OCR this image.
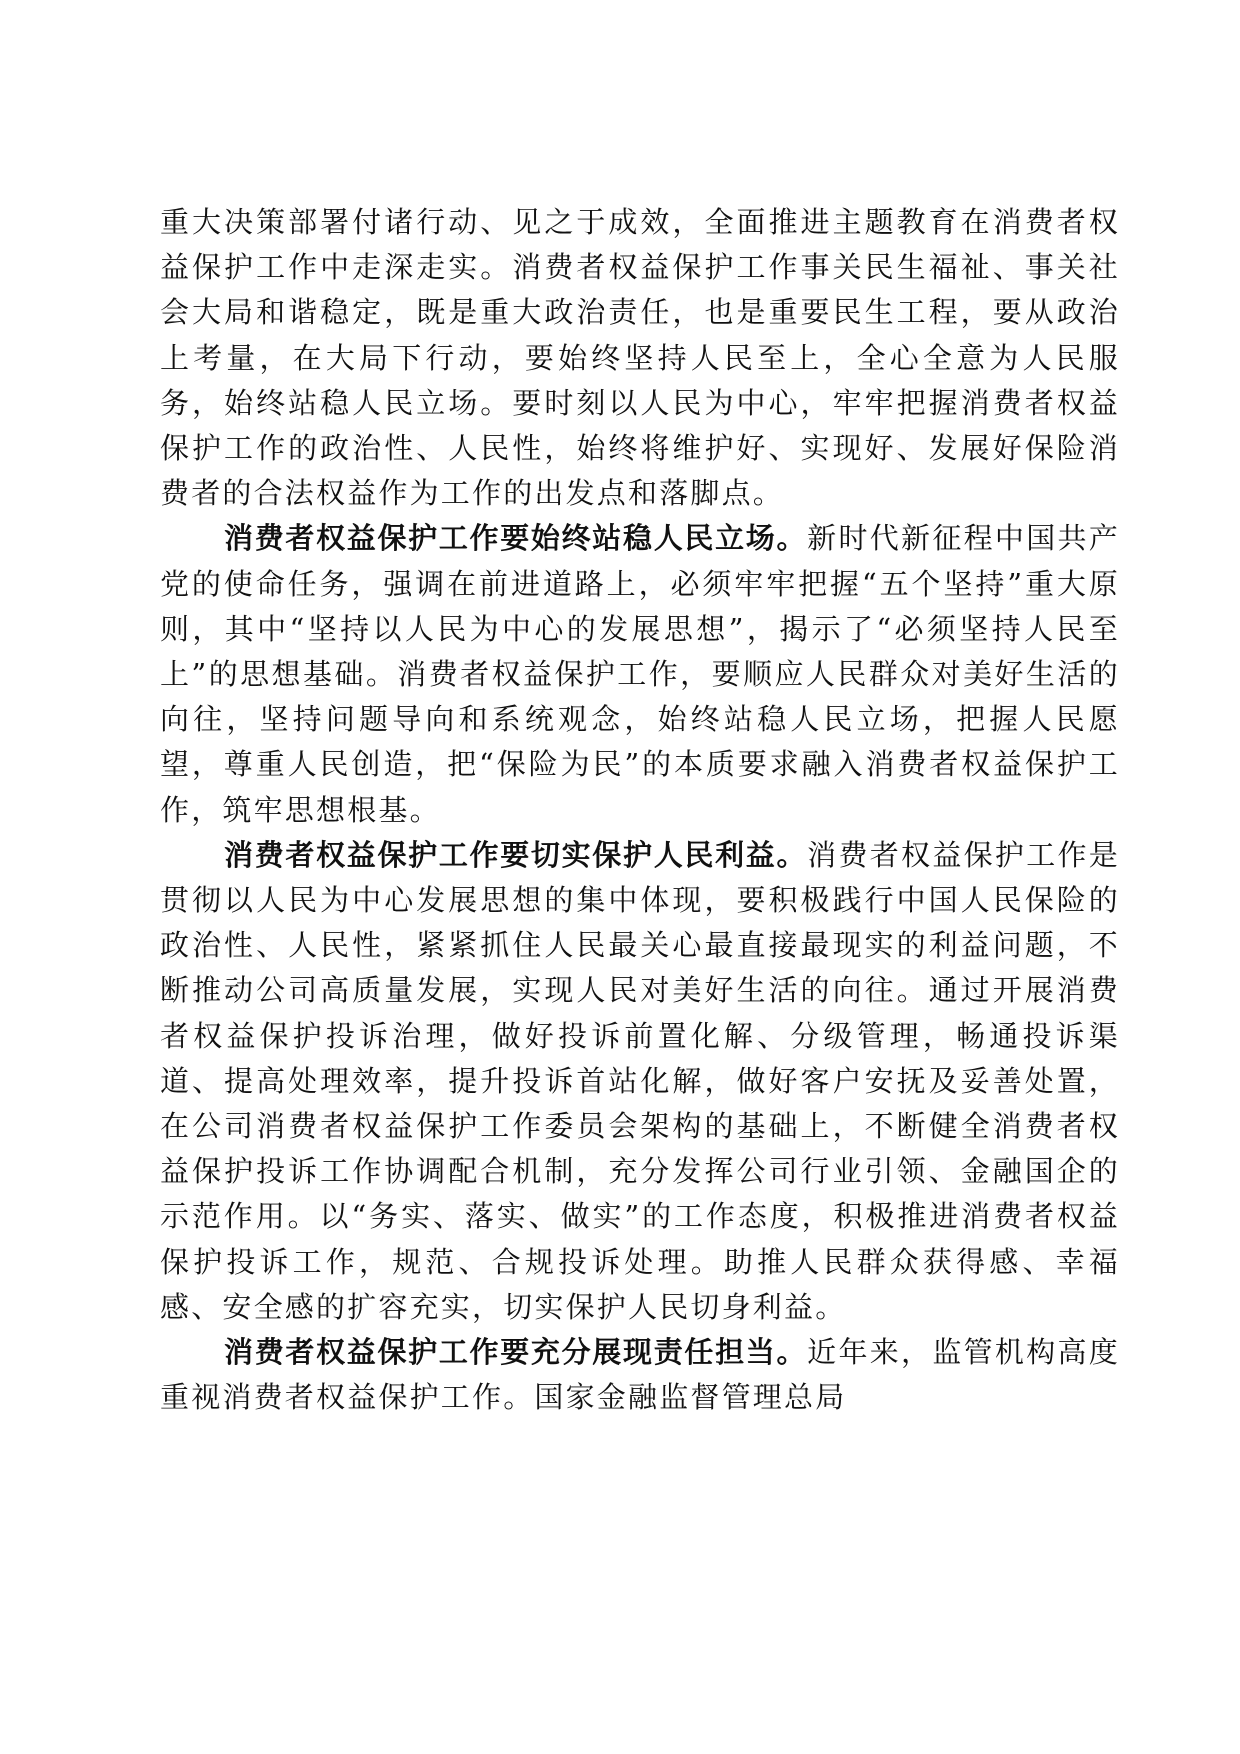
重大决策部署付诸行动、见之于成效，全面推进主题教育在消费者权益保护工作中走深走实。消费者权益保护工作事关民生福祉、事关社会大局和谐稳定，既是重大政治责任，也是重要民生工程，要从政治上考量，在大局下行动，要始终坚持人民至上，全心全意为人民服务，始终站稳人民立场。要时刻以人民为中心，牢牢把握消费者权益保护工作的政治性、人民性，始终将维护好、实现好、发展好保险消费者的合法权益作为工作的出发点和落脚点。

消费者权益保护工作要始终站稳人民立场。新时代新征程中国共产党的使命任务，强调在前进道路上，必须牢牢把握“五个坚持”重大原则，其中“坚持以人民为中心的发展思想”，揭示了“必须坚持人民至上”的思想基础。消费者权益保护工作，要顺应人民群众对美好生活的向往，坚持问题导向和系统观念，始终站稳人民立场，把握人民愿望，尊重人民创造，把“保险为民”的本质要求融入消费者权益保护工作，筑牢思想根基。

消费者权益保护工作要切实保护人民利益。消费者权益保护工作是贯彻以人民为中心发展思想的集中体现，要积极践行中国人民保险的政治性、人民性，紧紧抓住人民最关心最直接最现实的利益问题，不断推动公司高质量发展，实现人民对美好生活的向往。通过开展消费者权益保护投诉治理，做好投诉前置化解、分级管理，畅通投诉渠道、提高处理效率，提升投诉首站化解，做好客户安抚及妥善处置，在公司消费者权益保护工作委员会架构的基础上，不断健全消费者权益保护投诉工作协调配合机制，充分发挥公司行业引领、金融国企的示范作用。以“务实、落实、做实”的工作态度，积极推进消费者权益保护投诉工作，规范、合规投诉处理。助推人民群众获得感、幸福感、安全感的扩容充实，切实保护人民切身利益。

消费者权益保护工作要充分展现责任担当。近年来，监管机构高度重视消费者权益保护工作。国家金融监督管理总局
